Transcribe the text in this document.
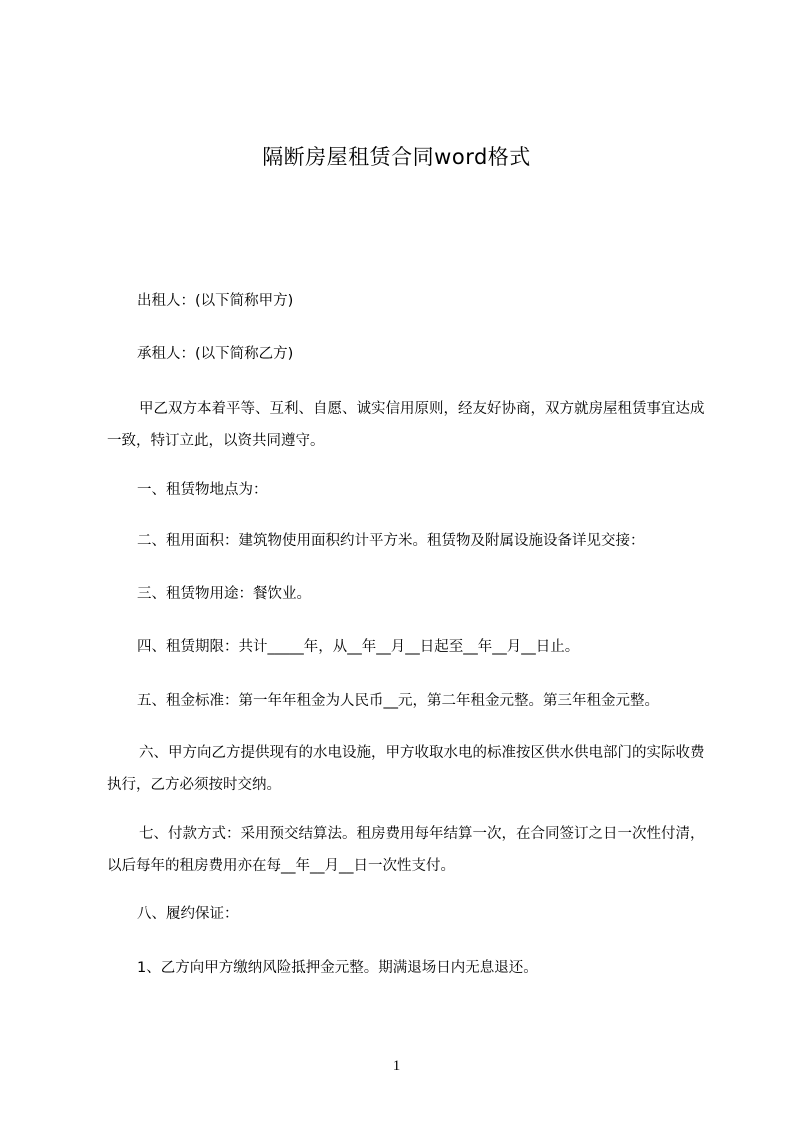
隔断房屋租赁合同word格式
出租人：(以下简称甲方)
承租人：(以下简称乙方)
甲乙双方本着平等、互利、自愿、诚实信用原则，经友好协商，双方就房屋租赁事宜达成一致，特订立此，以资共同遵守。
一、租赁物地点为：
二、租用面积：建筑物使用面积约计平方米。租赁物及附属设施设备详见交接：
三、租赁物用途：餐饮业。
四、租赁期限：共计_____年，从__年__月__日起至__年__月__日止。
五、租金标准：第一年年租金为人民币__元，第二年租金元整。第三年租金元整。
六、甲方向乙方提供现有的水电设施，甲方收取水电的标准按区供水供电部门的实际收费执行，乙方必须按时交纳。
七、付款方式：采用预交结算法。租房费用每年结算一次，在合同签订之日一次性付清，以后每年的租房费用亦在每__年__月__日一次性支付。
八、履约保证：
1、乙方向甲方缴纳风险抵押金元整。期满退场日内无息退还。
1
